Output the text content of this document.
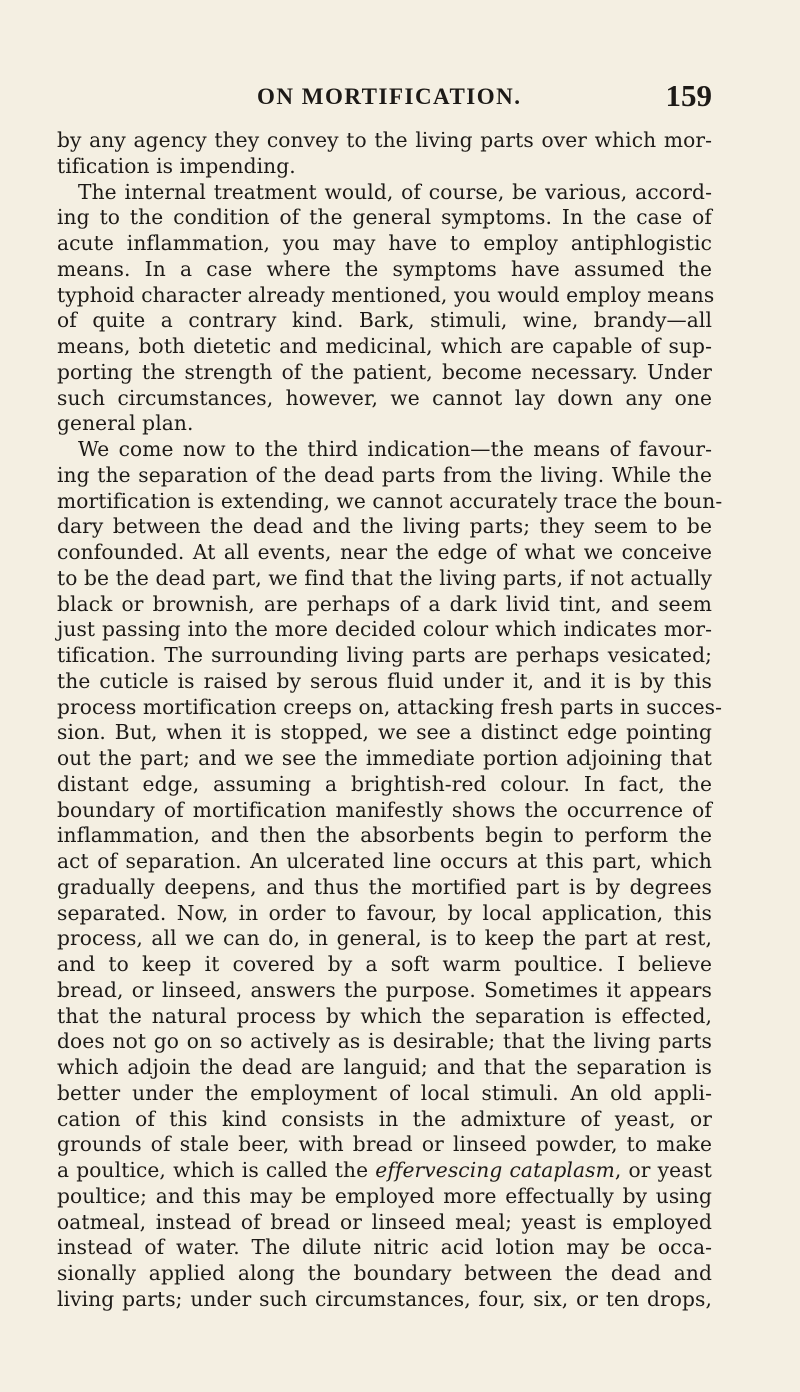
ON MORTIFICATION.	159
by any agency they convey to the living parts over which mor-
tification is impending.
The internal treatment would, of course, be various, accord-
ing to the condition of the general symptoms. In the case of
acute inflammation, you may have to employ antiphlogistic
means. In a case where the symptoms have assumed the
typhoid character already mentioned, you would employ means
of quite a contrary kind. Bark, stimuli, wine, brandy—all
means, both dietetic and medicinal, which are capable of sup-
porting the strength of the patient, become necessary. Under
such circumstances, however, we cannot lay down any one
general plan.
We come now to the third indication—the means of favour-
ing the separation of the dead parts from the living. While the
mortification is extending, we cannot accurately trace the boun-
dary between the dead and the living parts; they seem to be
confounded. At all events, near the edge of what we conceive
to be the dead part, we find that the living parts, if not actually
black or brownish, are perhaps of a dark livid tint, and seem
just passing into the more decided colour which indicates mor-
tification. The surrounding living parts are perhaps vesicated;
the cuticle is raised by serous fluid under it, and it is by this
process mortification creeps on, attacking fresh parts in succes-
sion. But, when it is stopped, we see a distinct edge pointing
out the part; and we see the immediate portion adjoining that
distant edge, assuming a brightish-red colour. In fact, the
boundary of mortification manifestly shows the occurrence of
inflammation, and then the absorbents begin to perform the
act of separation. An ulcerated line occurs at this part, which
gradually deepens, and thus the mortified part is by degrees
separated. Now, in order to favour, by local application, this
process, all we can do, in general, is to keep the part at rest,
and to keep it covered by a soft warm poultice. I believe
bread, or linseed, answers the purpose. Sometimes it appears
that the natural process by which the separation is effected,
does not go on so actively as is desirable; that the living parts
which adjoin the dead are languid; and that the separation is
better under the employment of local stimuli. An old appli-
cation of this kind consists in the admixture of yeast, or
grounds of stale beer, with bread or linseed powder, to make
a poultice, which is called the effervescing cataplasm, or yeast
poultice; and this may be employed more effectually by using
oatmeal, instead of bread or linseed meal; yeast is employed
instead of water. The dilute nitric acid lotion may be occa-
sionally applied along the boundary between the dead and
living parts; under such circumstances, four, six, or ten drops,
